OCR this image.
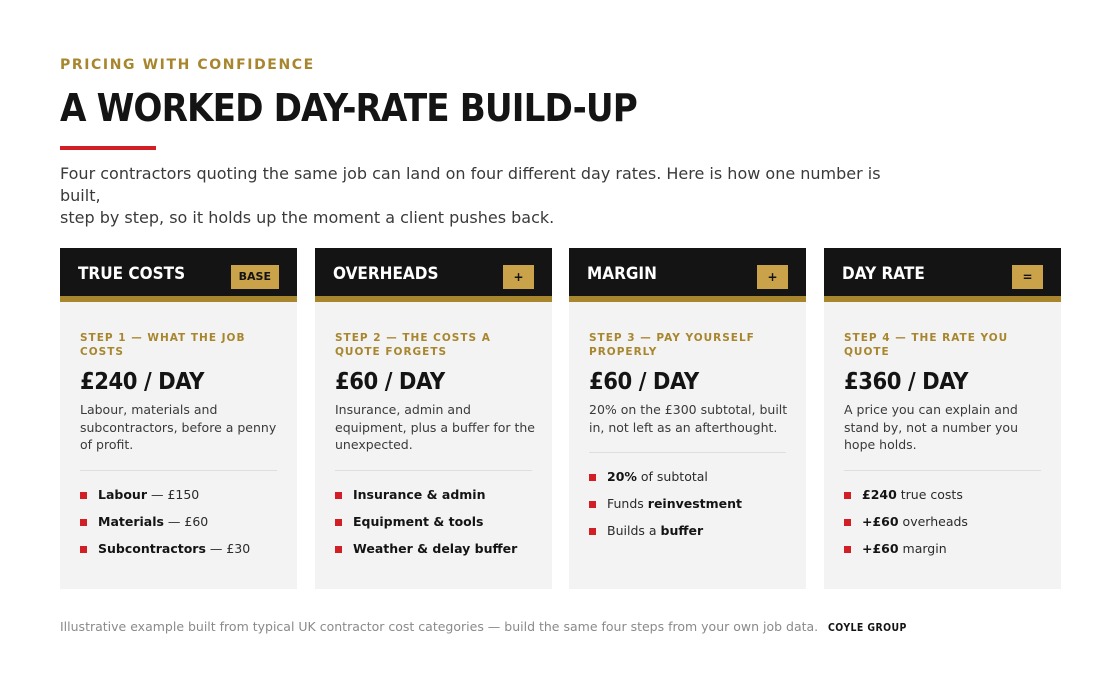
PRICING WITH CONFIDENCE
A WORKED DAY-RATE BUILD-UP
Four contractors quoting the same job can land on four different day rates. Here is how one number is built,
step by step, so it holds up the moment a client pushes back.
TRUE COSTS	BASE
STEP 1 — WHAT THE JOB COSTS
£240 / DAY
Labour, materials and subcontractors, before a penny of profit.
Labour — £150
Materials — £60
Subcontractors — £30
OVERHEADS	+
STEP 2 — THE COSTS A QUOTE FORGETS
£60 / DAY
Insurance, admin and equipment, plus a buffer for the unexpected.
Insurance & admin
Equipment & tools
Weather & delay buffer
MARGIN	+
STEP 3 — PAY YOURSELF PROPERLY
£60 / DAY
20% on the £300 subtotal, built in, not left as an afterthought.
20% of subtotal
Funds reinvestment
Builds a buffer
DAY RATE	=
STEP 4 — THE RATE YOU QUOTE
£360 / DAY
A price you can explain and stand by, not a number you hope holds.
£240 true costs
+£60 overheads
+£60 margin
Illustrative example built from typical UK contractor cost categories — build the same four steps from your own job data. COYLE GROUP
